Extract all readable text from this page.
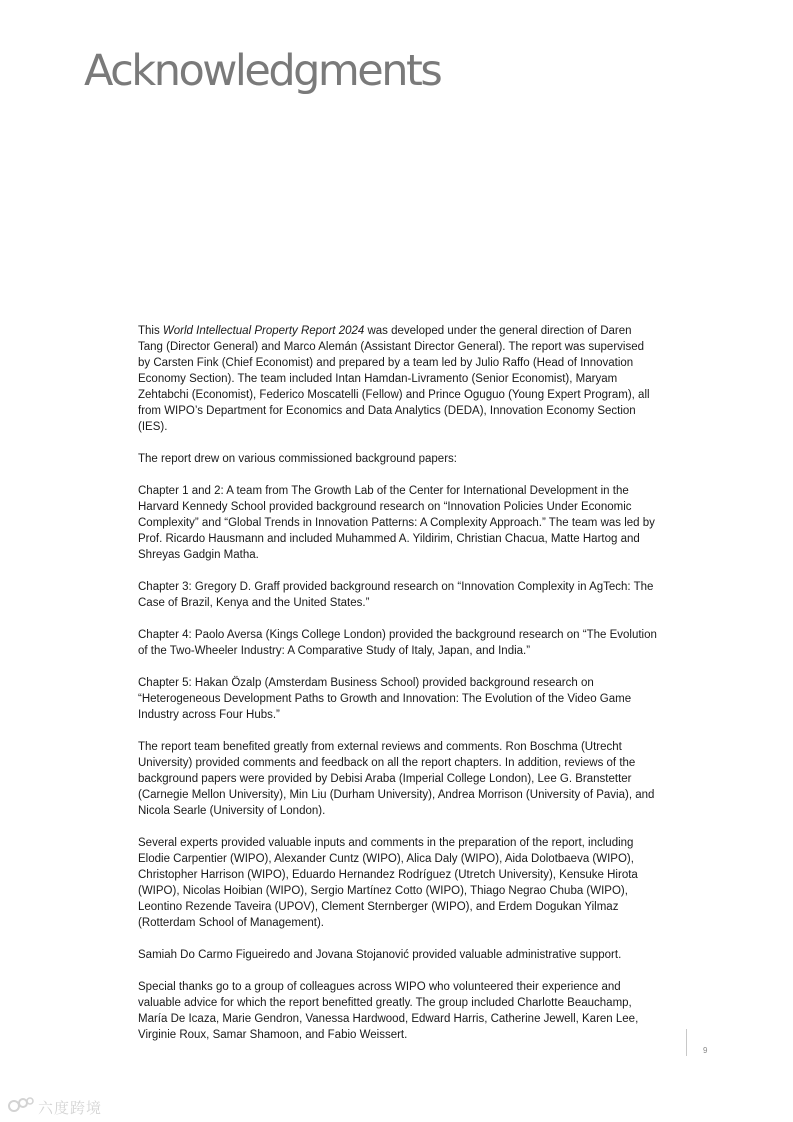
Acknowledgments

This World Intellectual Property Report 2024 was developed under the general direction of Daren Tang (Director General) and Marco Alemán (Assistant Director General). The report was supervised by Carsten Fink (Chief Economist) and prepared by a team led by Julio Raffo (Head of Innovation Economy Section). The team included Intan Hamdan-Livramento (Senior Economist), Maryam Zehtabchi (Economist), Federico Moscatelli (Fellow) and Prince Oguguo (Young Expert Program), all from WIPO’s Department for Economics and Data Analytics (DEDA), Innovation Economy Section (IES).

The report drew on various commissioned background papers:

Chapter 1 and 2: A team from The Growth Lab of the Center for International Development in the Harvard Kennedy School provided background research on “Innovation Policies Under Economic Complexity” and “Global Trends in Innovation Patterns: A Complexity Approach.” The team was led by Prof. Ricardo Hausmann and included Muhammed A. Yildirim, Christian Chacua, Matte Hartog and Shreyas Gadgin Matha.

Chapter 3: Gregory D. Graff provided background research on “Innovation Complexity in AgTech: The Case of Brazil, Kenya and the United States.”

Chapter 4: Paolo Aversa (Kings College London) provided the background research on “The Evolution of the Two-Wheeler Industry: A Comparative Study of Italy, Japan, and India.”

Chapter 5: Hakan Özalp (Amsterdam Business School) provided background research on “Heterogeneous Development Paths to Growth and Innovation: The Evolution of the Video Game Industry across Four Hubs.”

The report team benefited greatly from external reviews and comments. Ron Boschma (Utrecht University) provided comments and feedback on all the report chapters. In addition, reviews of the background papers were provided by Debisi Araba (Imperial College London), Lee G. Branstetter (Carnegie Mellon University), Min Liu (Durham University), Andrea Morrison (University of Pavia), and Nicola Searle (University of London).

Several experts provided valuable inputs and comments in the preparation of the report, including Elodie Carpentier (WIPO), Alexander Cuntz (WIPO), Alica Daly (WIPO), Aida Dolotbaeva (WIPO), Christopher Harrison (WIPO), Eduardo Hernandez Rodríguez (Utretch University), Kensuke Hirota (WIPO), Nicolas Hoibian (WIPO), Sergio Martínez Cotto (WIPO), Thiago Negrao Chuba (WIPO), Leontino Rezende Taveira (UPOV), Clement Sternberger (WIPO), and Erdem Dogukan Yilmaz (Rotterdam School of Management).

Samiah Do Carmo Figueiredo and Jovana Stojanović provided valuable administrative support.

Special thanks go to a group of colleagues across WIPO who volunteered their experience and valuable advice for which the report benefitted greatly. The group included Charlotte Beauchamp, María De Icaza, Marie Gendron, Vanessa Hardwood, Edward Harris, Catherine Jewell, Karen Lee, Virginie Roux, Samar Shamoon, and Fabio Weissert.

9
六度跨境
